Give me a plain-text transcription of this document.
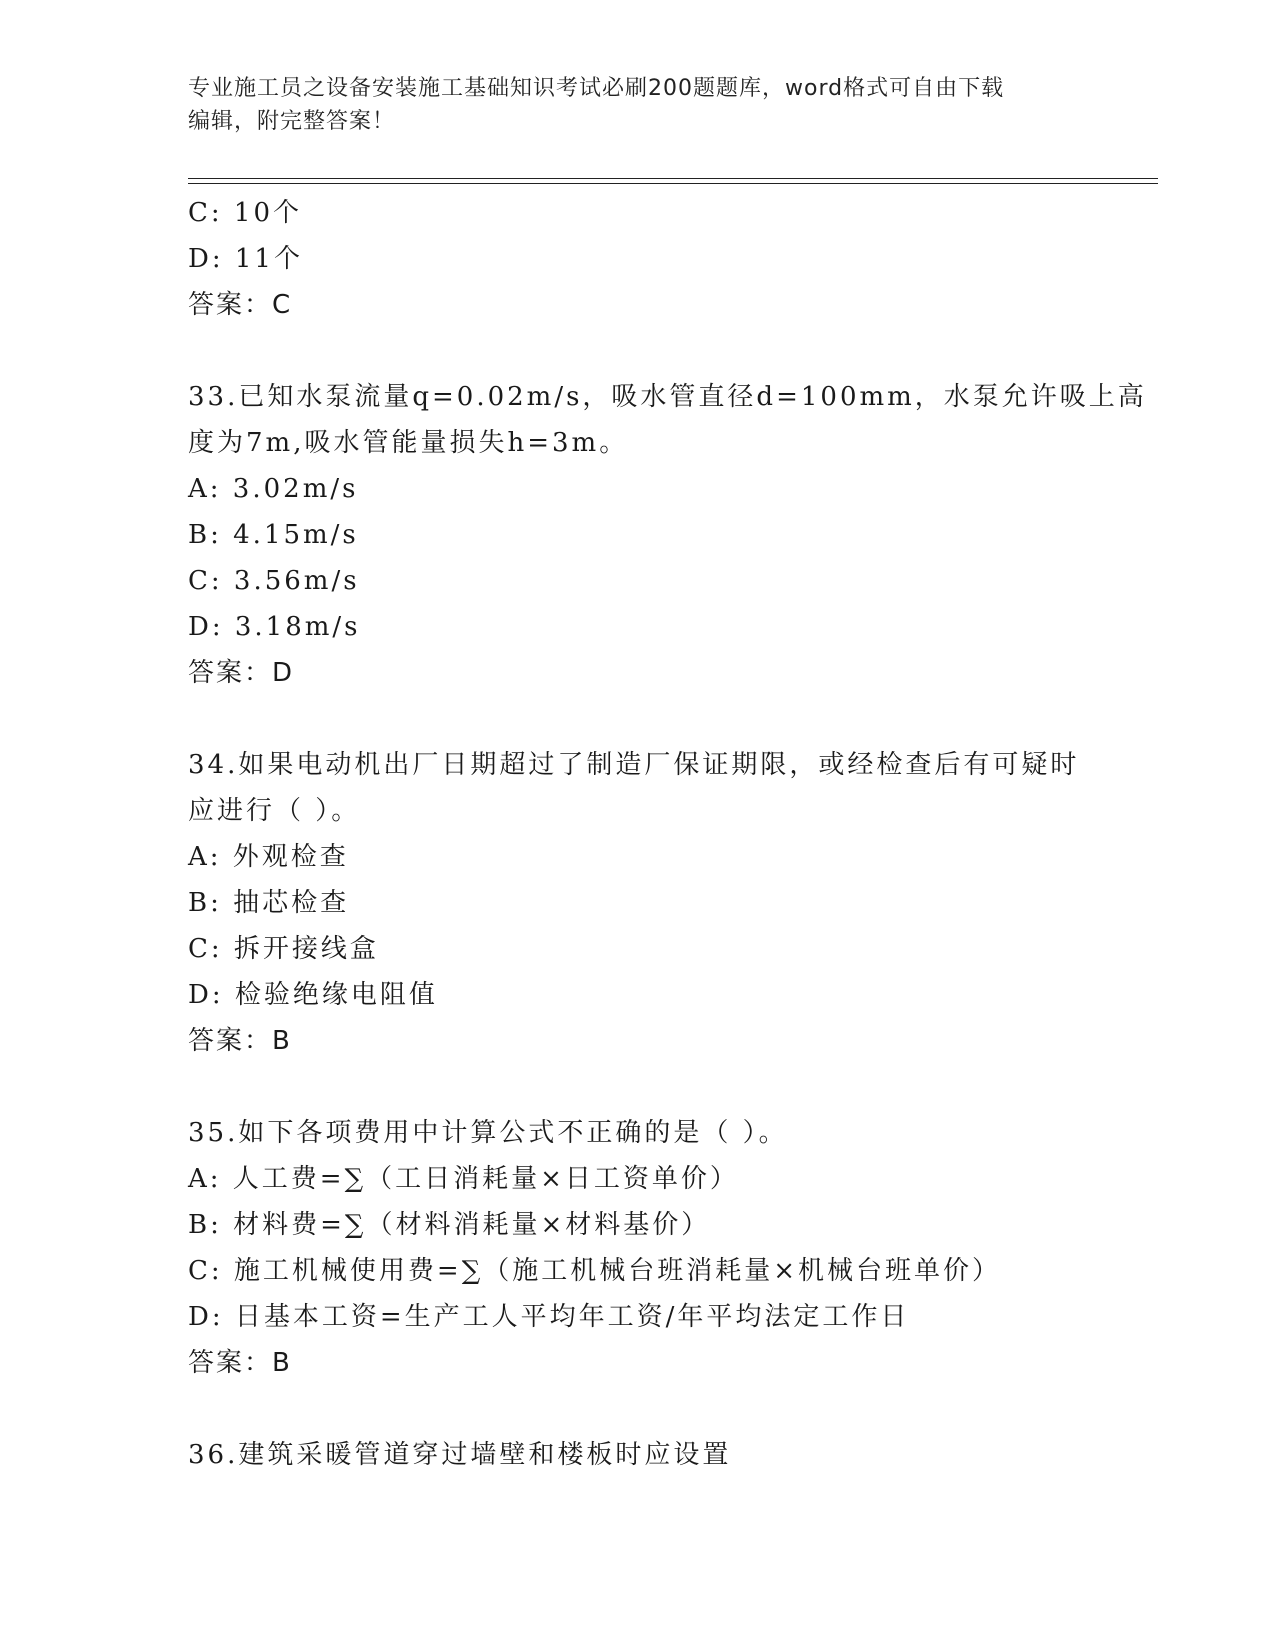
专业施工员之设备安装施工基础知识考试必刷200题题库，word格式可自由下载
编辑，附完整答案！
C: 10个
D: 11个
答案：C
33.已知水泵流量q=0.02m/s，吸水管直径d=100mm，水泵允许吸上高
度为7m,吸水管能量损失h=3m。
A: 3.02m/s
B: 4.15m/s
C: 3.56m/s
D: 3.18m/s
答案：D
34.如果电动机出厂日期超过了制造厂保证期限，或经检查后有可疑时
应进行（ ）。
A: 外观检查
B: 抽芯检查
C: 拆开接线盒
D: 检验绝缘电阻值
答案：B
35.如下各项费用中计算公式不正确的是（ ）。
A: 人工费=∑（工日消耗量×日工资单价）
B: 材料费=∑（材料消耗量×材料基价）
C: 施工机械使用费=∑（施工机械台班消耗量×机械台班单价）
D: 日基本工资=生产工人平均年工资/年平均法定工作日
答案：B
36.建筑采暖管道穿过墙壁和楼板时应设置
